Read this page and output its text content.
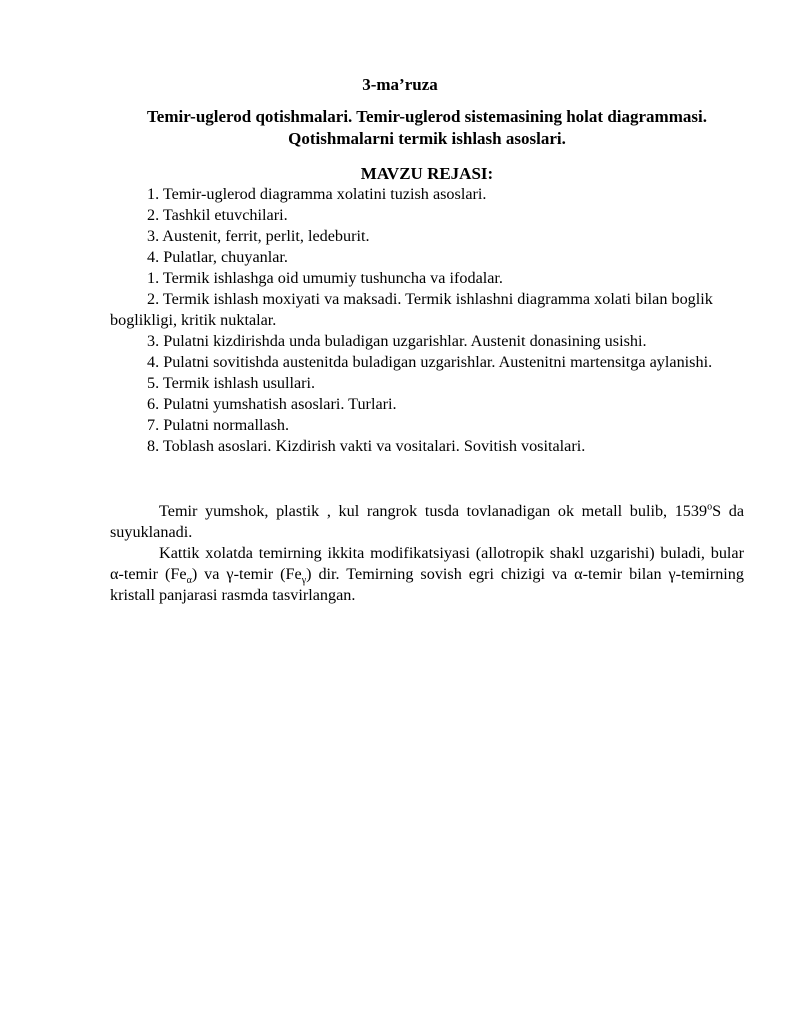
3-ma’ruza
Temir-uglerod qotishmalari. Temir-uglerod sistemasining holat diagrammasi.
Qotishmalarni termik ishlash asoslari.
MAVZU REJASI:
1. Temir-uglerod diagramma xolatini tuzish asoslari.
2. Tashkil etuvchilari.
3. Austenit, ferrit, perlit, ledeburit.
4. Pulatlar, chuyanlar.
1. Termik ishlashga oid umumiy tushuncha va ifodalar.
2. Termik ishlash moxiyati va maksadi. Termik ishlashni diagramma xolati bilan boglik boglikligi, kritik nuktalar.
3. Pulatni kizdirishda unda buladigan uzgarishlar. Austenit donasining usishi.
4. Pulatni sovitishda austenitda buladigan uzgarishlar. Austenitni martensitga aylanishi.
5. Termik ishlash usullari.
6. Pulatni yumshatish asoslari. Turlari.
7. Pulatni normallash.
8. Toblash asoslari. Kizdirish vakti va vositalari. Sovitish vositalari.

Temir yumshok, plastik , kul rangrok tusda tovlanadigan ok metall bulib, 1539$^o$S da suyuklanadi.

Kattik xolatda temirning ikkita modifikatsiyasi (allotropik shakl uzgarishi) buladi, bular α-temir $(Fe_\alpha)$ va γ-temir $(Fe_\gamma)$ dir. Temirning sovish egri chizigi va α-temir bilan γ-temirning kristall panjarasi rasmda tasvirlangan.
